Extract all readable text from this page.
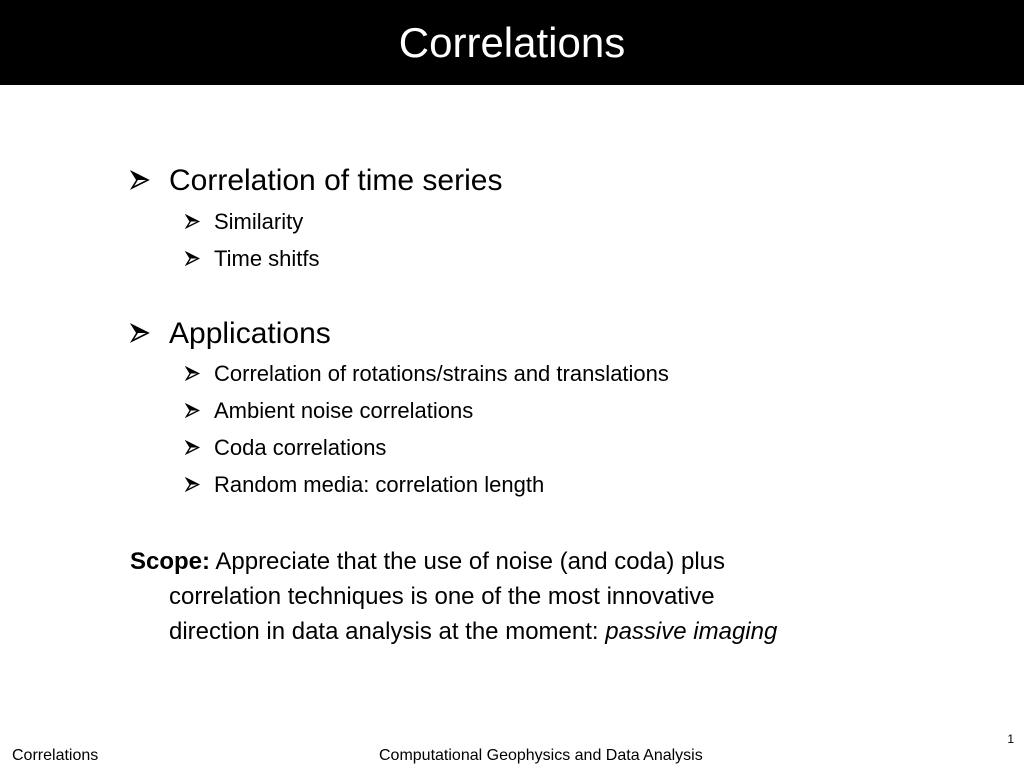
Correlations
Correlation of time series
Similarity
Time shitfs
Applications
Correlation of rotations/strains and translations
Ambient noise correlations
Coda correlations
Random media: correlation length
Scope: Appreciate that the use of noise (and coda) plus
correlation techniques is one of the most innovative
direction in data analysis at the moment: passive imaging
Correlations	Computational Geophysics and Data Analysis
1
